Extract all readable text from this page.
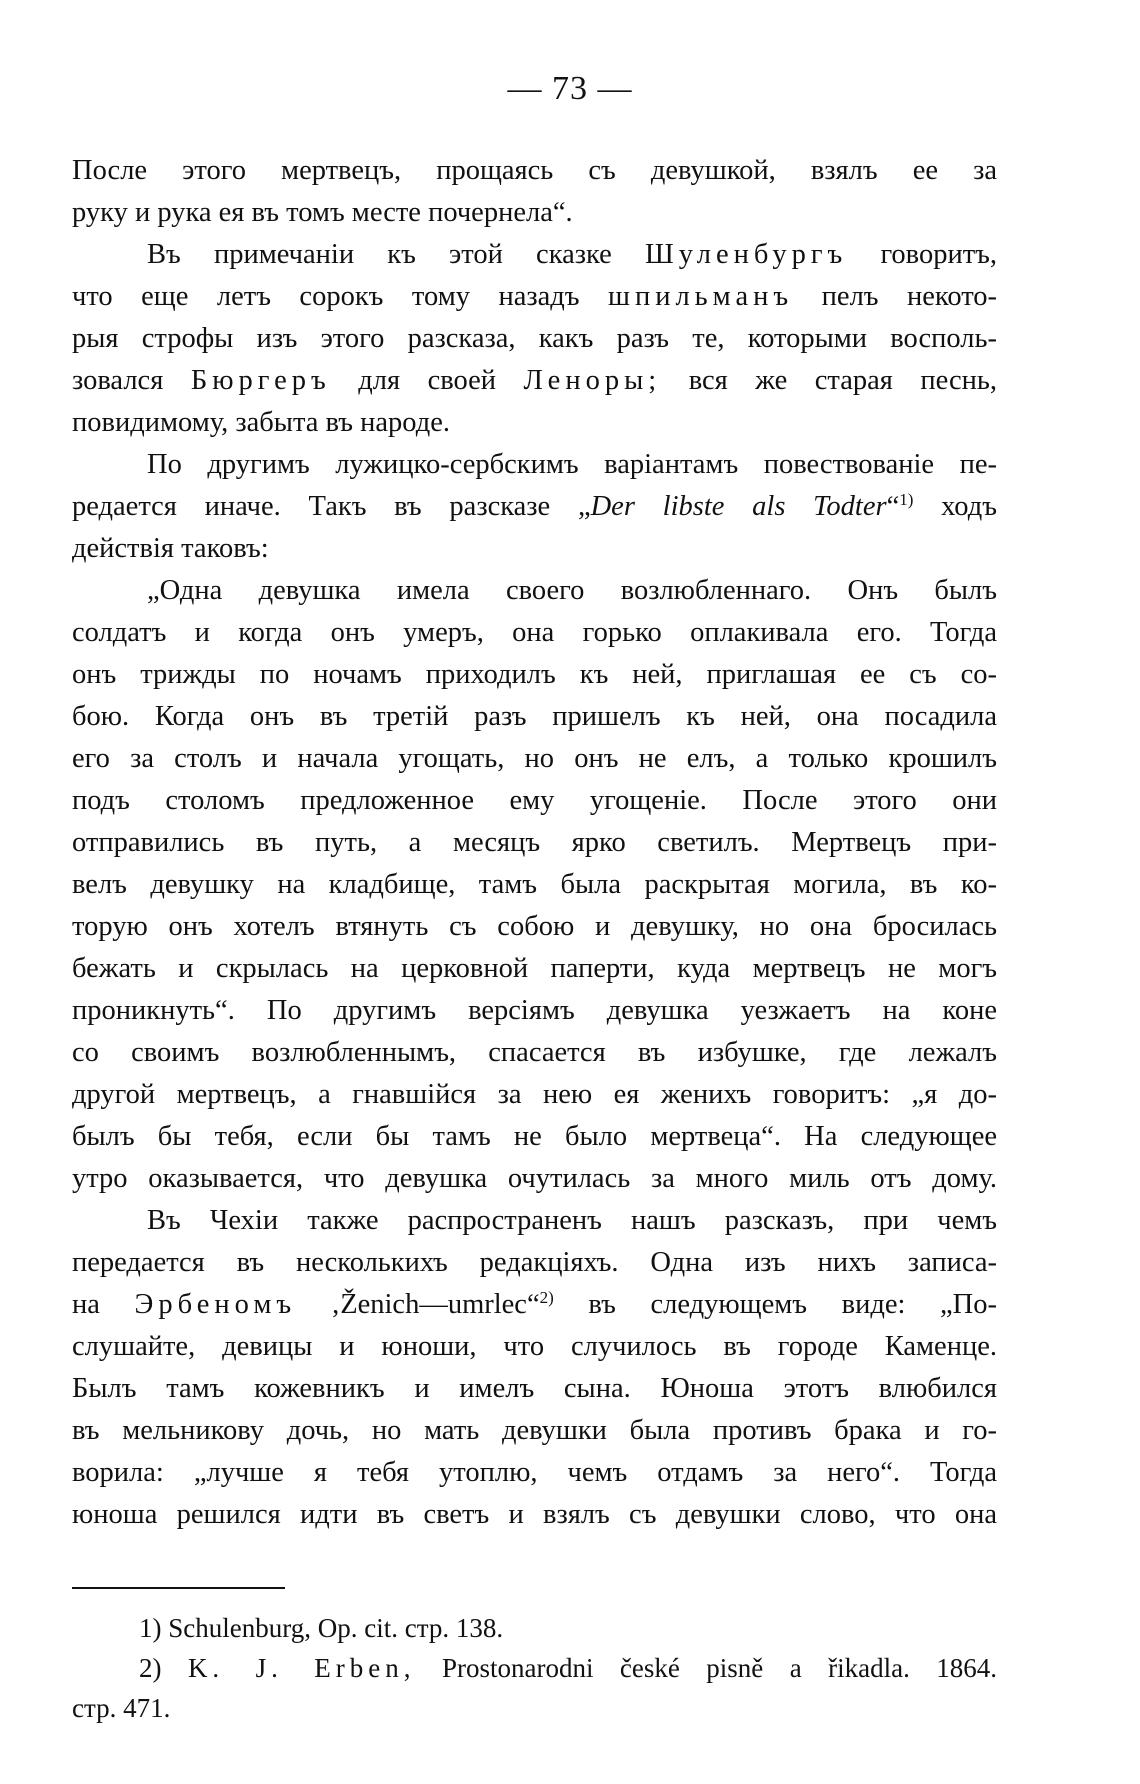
— 73 —
После этого мертвецъ, прощаясь съ девушкой, взялъ ее за
руку и рука ея въ томъ месте почернела“.
Въ примечанiи къ этой сказке Шуленбургъ говоритъ,
что еще летъ сорокъ тому назадъ шпильманъ пелъ некото-
рыя строфы изъ этого разсказа, какъ разъ те, которыми восполь-
зовался Бюргеръ для своей Леноры; вся же старая песнь,
повидимому, забыта въ народе.
По другимъ лужицко-сербскимъ варiантамъ повествованiе пе-
редается иначе. Такъ въ разсказе „Der libste als Todter“$^{1)}$ ходъ
действiя таковъ:
„Одна девушка имела своего возлюбленнаго. Онъ былъ
солдатъ и когда онъ умеръ, она горько оплакивала его. Тогда
онъ трижды по ночамъ приходилъ къ ней, приглашая ее съ со-
бою. Когда онъ въ третiй разъ пришелъ къ ней, она посадила
его за столъ и начала угощать, но онъ не елъ, а только крошилъ
подъ столомъ предложенное ему угощенiе. После этого они
отправились въ путь, а месяцъ ярко светилъ. Мертвецъ при-
велъ девушку на кладбище, тамъ была раскрытая могила, въ ко-
торую онъ хотелъ втянуть съ собою и девушку, но она бросилась
бежать и скрылась на церковной паперти, куда мертвецъ не могъ
проникнуть“. По другимъ версiямъ девушка уезжаетъ на коне
со своимъ возлюбленнымъ, спасается въ избушке, где лежалъ
другой мертвецъ, а гнавшiйся за нею ея женихъ говоритъ: „я до-
былъ бы тебя, если бы тамъ не было мертвеца“. На следующее
утро оказывается, что девушка очутилась за много миль отъ дому.
Въ Чехiи также распространенъ нашъ разсказъ, при чемъ
передается въ несколькихъ редакцiяхъ. Одна изъ нихъ записа-
на Эрбеномъ ‚Ženich—umrlec“$^{2)}$ въ следующемъ виде: „По-
слушайте, девицы и юноши, что случилось въ городе Каменце.
Былъ тамъ кожевникъ и имелъ сына. Юноша этотъ влюбился
въ мельникову дочь, но мать девушки была противъ брака и го-
ворила: „лучше я тебя утоплю, чемъ отдамъ за него“. Тогда
юноша решился идти въ светъ и взялъ съ девушки слово, что она
1) Schulenburg, Op. cit. стр. 138.
2) K. J. Erben, Prostonarodni české pisně a řikadla. 1864.
стр. 471.
